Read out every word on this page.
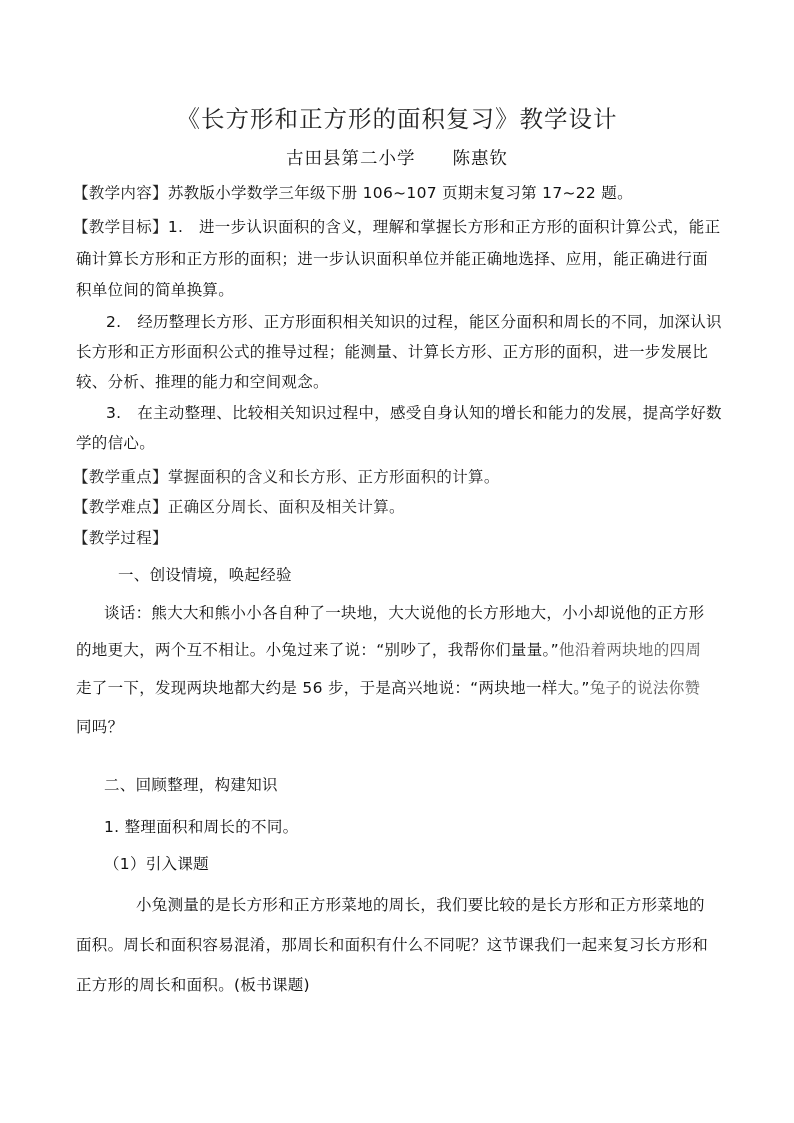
《长方形和正方形的面积复习》教学设计
古田县第二小学　　陈惠钦
【教学内容】苏教版小学数学三年级下册 106~107 页期末复习第 17~22 题。
【教学目标】1.　进一步认识面积的含义，理解和掌握长方形和正方形的面积计算公式，能正
确计算长方形和正方形的面积；进一步认识面积单位并能正确地选择、应用，能正确进行面
积单位间的简单换算。
2.　经历整理长方形、正方形面积相关知识的过程，能区分面积和周长的不同，加深认识
长方形和正方形面积公式的推导过程；能测量、计算长方形、正方形的面积，进一步发展比
较、分析、推理的能力和空间观念。
3.　在主动整理、比较相关知识过程中，感受自身认知的增长和能力的发展，提高学好数
学的信心。
【教学重点】掌握面积的含义和长方形、正方形面积的计算。
【教学难点】正确区分周长、面积及相关计算。
【教学过程】
一、创设情境，唤起经验
谈话：熊大大和熊小小各自种了一块地，大大说他的长方形地大，小小却说他的正方形
的地更大，两个互不相让。小兔过来了说：“别吵了，我帮你们量量。”他沿着两块地的四周
走了一下，发现两块地都大约是 56 步，于是高兴地说：“两块地一样大。”兔子的说法你赞
同吗？
二、回顾整理，构建知识
1. 整理面积和周长的不同。
（1）引入课题
小兔测量的是长方形和正方形菜地的周长，我们要比较的是长方形和正方形菜地的
面积。周长和面积容易混淆，那周长和面积有什么不同呢？这节课我们一起来复习长方形和
正方形的周长和面积。(板书课题)
